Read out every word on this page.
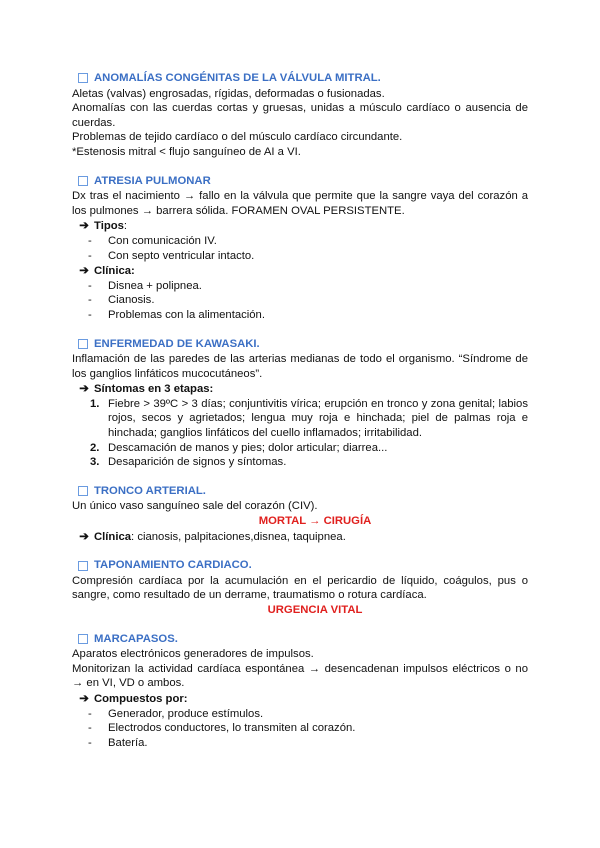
ANOMALÍAS CONGÉNITAS DE LA VÁLVULA MITRAL.

Aletas (valvas) engrosadas, rígidas, deformadas o fusionadas.

Anomalías con las cuerdas cortas y gruesas, unidas a músculo cardíaco o ausencia de cuerdas.

Problemas de tejido cardíaco o del músculo cardíaco circundante.

*Estenosis mitral < flujo sanguíneo de AI a VI.

ATRESIA PULMONAR

Dx tras el nacimiento → fallo en la válvula que permite que la sangre vaya del corazón a los pulmones → barrera sólida. FORAMEN OVAL PERSISTENTE.

➔ Tipos :
-	Con comunicación IV.
-	Con septo ventricular intacto.
➔ Clínica:
-	Disnea + polipnea.
-	Cianosis.
-	Problemas con la alimentación.
ENFERMEDAD DE KAWASAKI.

Inflamación de las paredes de las arterias medianas de todo el organismo. “Síndrome de los ganglios linfáticos mucocutáneos”.

➔ Síntomas en 3 etapas:
1. Fiebre > 39ºC > 3 días; conjuntivitis vírica; erupción en tronco y zona genital; labios rojos, secos y agrietados; lengua muy roja e hinchada; piel de palmas roja e hinchada; ganglios linfáticos del cuello inflamados; irritabilidad.
2. Descamación de manos y pies; dolor articular; diarrea...
3. Desaparición de signos y síntomas.
TRONCO ARTERIAL.

Un único vaso sanguíneo sale del corazón (CIV).

MORTAL → CIRUGÍA

➔ Clínica: cianosis, palpitaciones,disnea, taquipnea.
TAPONAMIENTO CARDIACO.

Compresión cardíaca por la acumulación en el pericardio de líquido, coágulos, pus o sangre, como resultado de un derrame, traumatismo o rotura cardíaca.

URGENCIA VITAL

MARCAPASOS.

Aparatos electrónicos generadores de impulsos.

Monitorizan la actividad cardíaca espontánea → desencadenan impulsos eléctricos o no → en VI, VD o ambos.

➔ Compuestos por:
-	Generador, produce estímulos.
-	Electrodos conductores, lo transmiten al corazón.
-	Batería.
